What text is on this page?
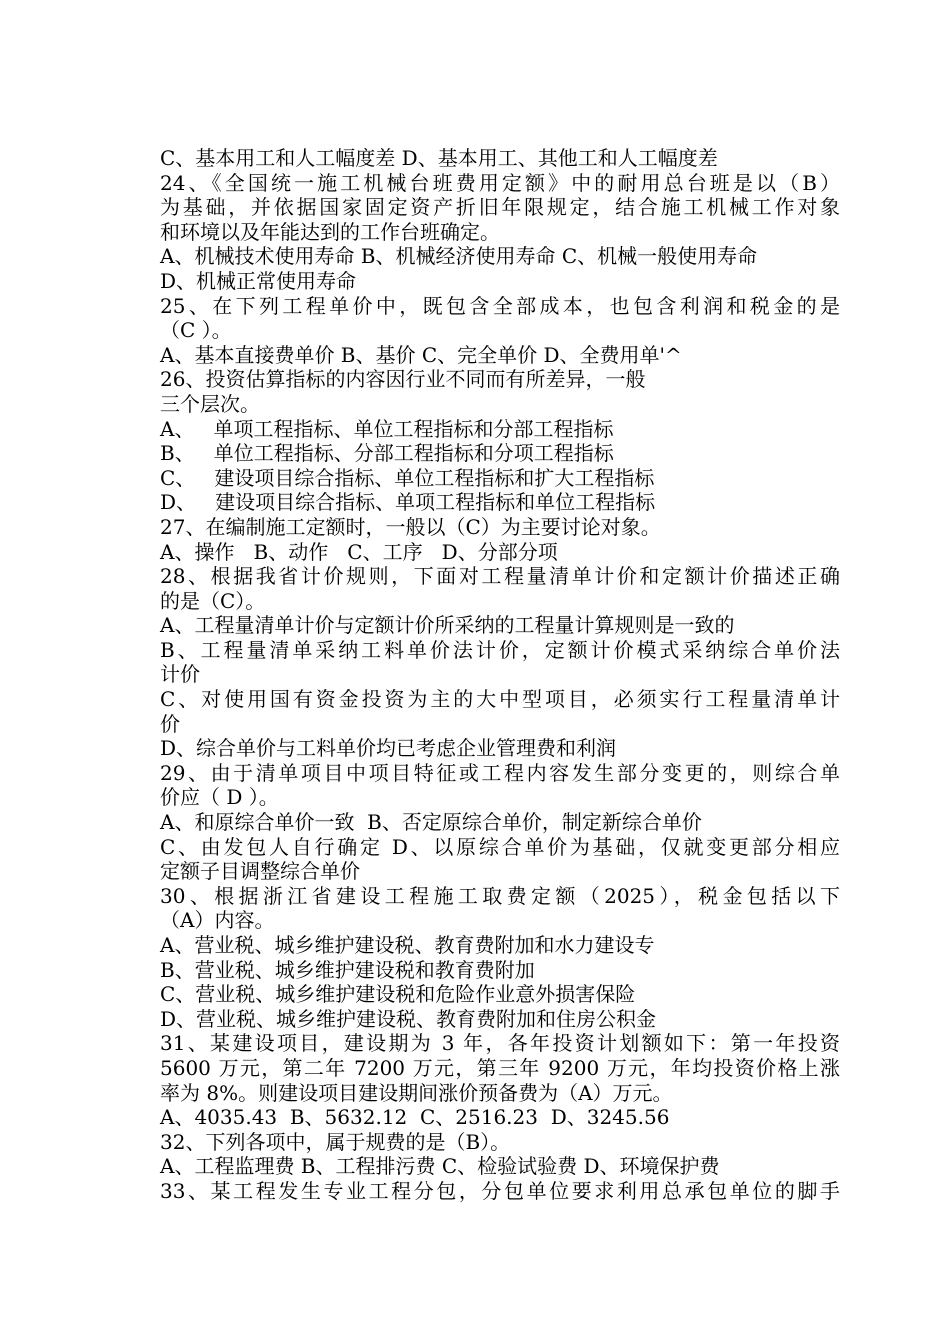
C、基本用工和人工幅度差 D、基本用工、其他工和人工幅度差
24、《全国统一施工机械台班费用定额》中的耐用总台班是以（B）
为基础，并依据国家固定资产折旧年限规定，结合施工机械工作对象
和环境以及年能达到的工作台班确定。
A、机械技术使用寿命 B、机械经济使用寿命 C、机械一般使用寿命
D、机械正常使用寿命
25、在下列工程单价中，既包含全部成本，也包含利润和税金的是
（C ）。
A、基本直接费单价 B、基价 C、完全单价 D、全费用单'^
26、投资估算指标的内容因行业不同而有所差异，一般
三个层次。
A、   单项工程指标、单位工程指标和分部工程指标
B、   单位工程指标、分部工程指标和分项工程指标
C、   建设项目综合指标、单位工程指标和扩大工程指标
D、   建设项目综合指标、单项工程指标和单位工程指标
27、在编制施工定额时，一般以（C）为主要讨论对象。
A、操作   B、动作   C、工序   D、分部分项
28、根据我省计价规则，下面对工程量清单计价和定额计价描述正确
的是（C）。
A、工程量清单计价与定额计价所采纳的工程量计算规则是一致的
B、工程量清单采纳工料单价法计价，定额计价模式采纳综合单价法
计价
C、对使用国有资金投资为主的大中型项目，必须实行工程量清单计
价
D、综合单价与工料单价均已考虑企业管理费和利润
29、由于清单项目中项目特征或工程内容发生部分变更的，则综合单
价应（ D ）。
A、和原综合单价一致  B、否定原综合单价，制定新综合单价
C、由发包人自行确定 D、以原综合单价为基础，仅就变更部分相应
定额子目调整综合单价
30、根据浙江省建设工程施工取费定额（2025），税金包括以下
（A）内容。
A、营业税、城乡维护建设税、教育费附加和水力建设专
B、营业税、城乡维护建设税和教育费附加
C、营业税、城乡维护建设税和危险作业意外损害保险
D、营业税、城乡维护建设税、教育费附加和住房公积金
31、某建设项目，建设期为 3 年，各年投资计划额如下：第一年投资
5600 万元，第二年 7200 万元，第三年 9200 万元，年均投资价格上涨
率为 8%。则建设项目建设期间涨价预备费为（A）万元。
A、4035.43  B、5632.12  C、2516.23  D、3245.56
32、下列各项中，属于规费的是（B）。
A、工程监理费 B、工程排污费 C、检验试验费 D、环境保护费
33、某工程发生专业工程分包，分包单位要求利用总承包单位的脚手
